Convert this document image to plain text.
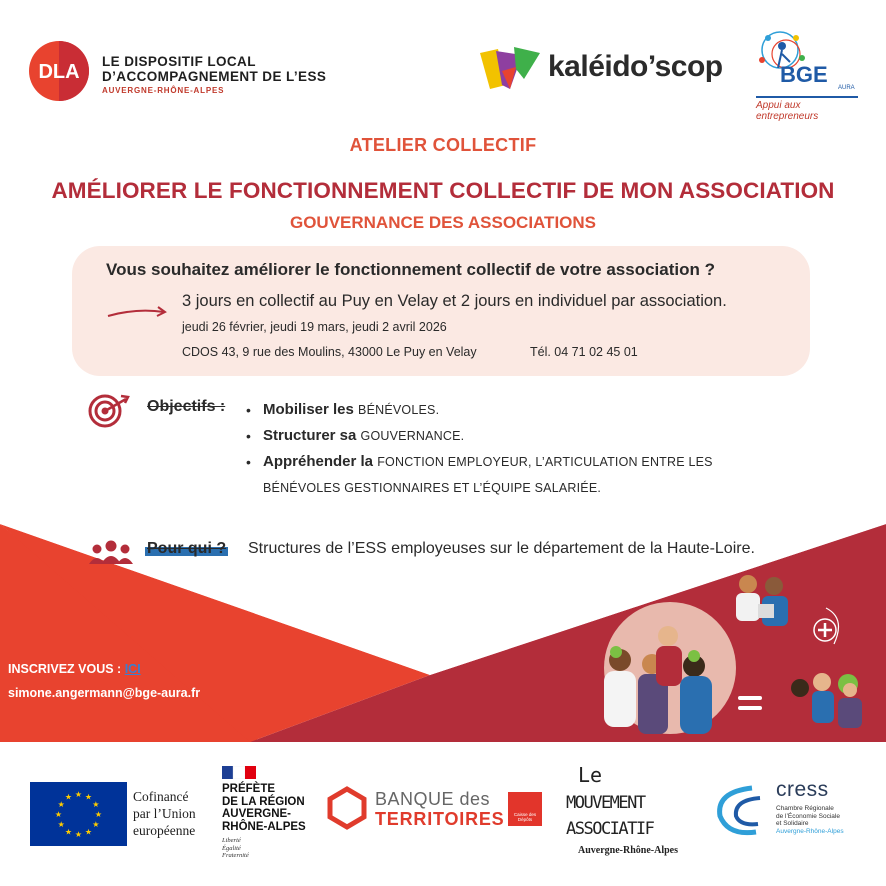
DLA LE DISPOSITIF LOCAL
D’ACCOMPAGNEMENT DE L’ESS
AUVERGNE-RHÔNE-ALPES
kaléido’scop	BGE
AURA
Appui aux entrepreneurs
ATELIER COLLECTIF
AMÉLIORER LE FONCTIONNEMENT COLLECTIF DE MON ASSOCIATION
GOUVERNANCE DES ASSOCIATIONS
Vous souhaitez améliorer le fonctionnement collectif de votre association ?
3 jours en collectif au Puy en Velay et 2 jours en individuel par association.
jeudi 26 février, jeudi 19 mars, jeudi 2 avril 2026
CDOS 43, 9 rue des Moulins, 43000 Le Puy en Velay	Tél. 04 71 02 45 01
Objectifs :
•	Mobiliser les BÉNÉVOLES.
• Structurer sa GOUVERNANCE.
• Appréhender la FONCTION EMPLOYEUR, L’ARTICULATION ENTRE LES BÉNÉVOLES GESTIONNAIRES ET L’ÉQUIPE SALARIÉE.
Pour qui ? Structures de l’ESS employeuses sur le département de la Haute-Loire.
INSCRIVEZ VOUS : ICI
simone.angermann@bge-aura.fr
★
★
★
★
★
★
★
★
★ ★ ★
★
Cofinancé
par l’Union
européenne
PRÉFÈTE
DE LA RÉGION
AUVERGNE-
RHÔNE-ALPES
Liberté
Égalité
Fraternité
BANQUE des
TERRITOIRES	Caisse des Dépôts
Le
MOUVEMENT
ASSOCIATIF
Auvergne-Rhône-Alpes
cress
Chambre Régionale
de l’Économie Sociale
et Solidaire
Auvergne-Rhône-Alpes
